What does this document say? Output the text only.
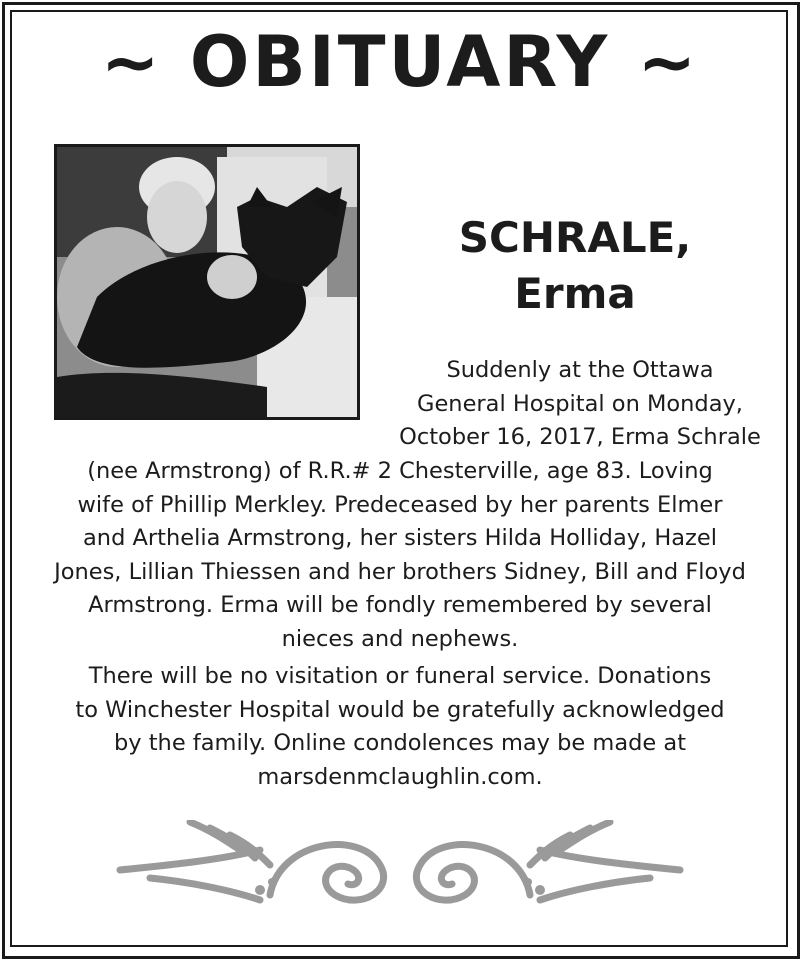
~ OBITUARY ~
SCHRALE,
Erma
Suddenly at the Ottawa
General Hospital on Monday,
October 16, 2017, Erma Schrale
(nee Armstrong) of R.R.# 2 Chesterville, age 83. Loving
wife of Phillip Merkley. Predeceased by her parents Elmer
and Arthelia Armstrong, her sisters Hilda Holliday, Hazel
Jones, Lillian Thiessen and her brothers Sidney, Bill and Floyd
Armstrong. Erma will be fondly remembered by several
nieces and nephews.
There will be no visitation or funeral service. Donations
to Winchester Hospital would be gratefully acknowledged
by the family. Online condolences may be made at
marsdenmclaughlin.com.
